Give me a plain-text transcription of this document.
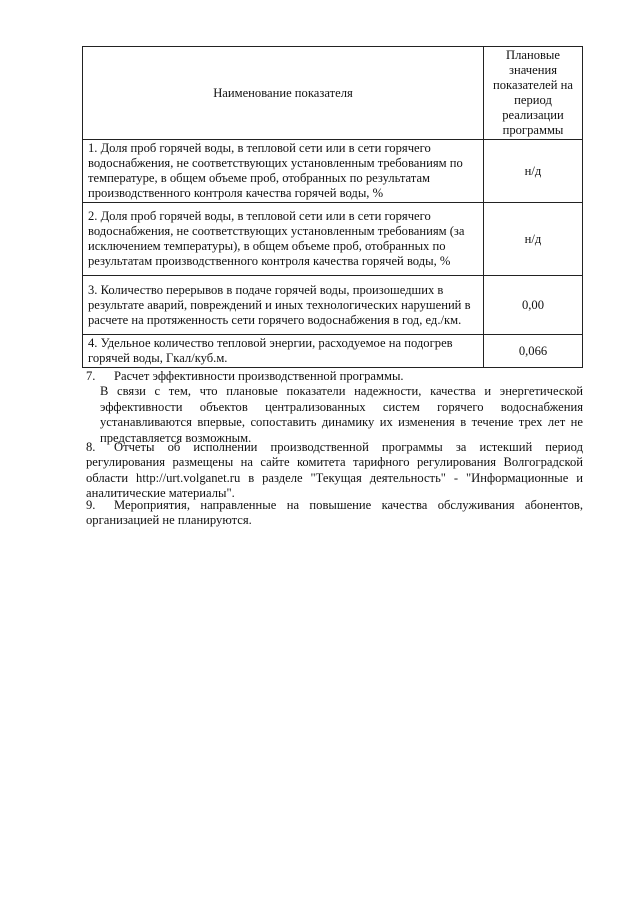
Наименование показателя	Плановые значения показателей на период реализации программы
1. Доля проб горячей воды, в тепловой сети или в сети горячего водоснабжения, не соответствующих установленным требованиям по температуре, в общем объеме проб, отобранных по результатам производственного контроля качества горячей воды, %	н/д
2. Доля проб горячей воды, в тепловой сети или в сети горячего водоснабжения, не соответствующих установленным требованиям (за исключением температуры), в общем объеме проб, отобранных по результатам производственного контроля качества горячей воды, %	н/д
3. Количество перерывов в подаче горячей воды, произошедших в результате аварий, повреждений и иных технологических нарушений в расчете на протяженность сети горячего водоснабжения в год, ед./км.	0,00
4. Удельное количество тепловой энергии, расходуемое на подогрев горячей воды, Гкал/куб.м.	0,066
7. Расчет эффективности производственной программы.
В связи с тем, что плановые показатели надежности, качества и энергетической эффективности объектов централизованных систем горячего водоснабжения устанавливаются впервые, сопоставить динамику их изменения в течение трех лет не представляется возможным.
8. Отчеты об исполнении производственной программы за истекший период регулирования размещены на сайте комитета тарифного регулирования Волгоградской области http://urt.volganet.ru в разделе "Текущая деятельность" - "Информационные и аналитические материалы".
9. Мероприятия, направленные на повышение качества обслуживания абонентов, организацией не планируются.
